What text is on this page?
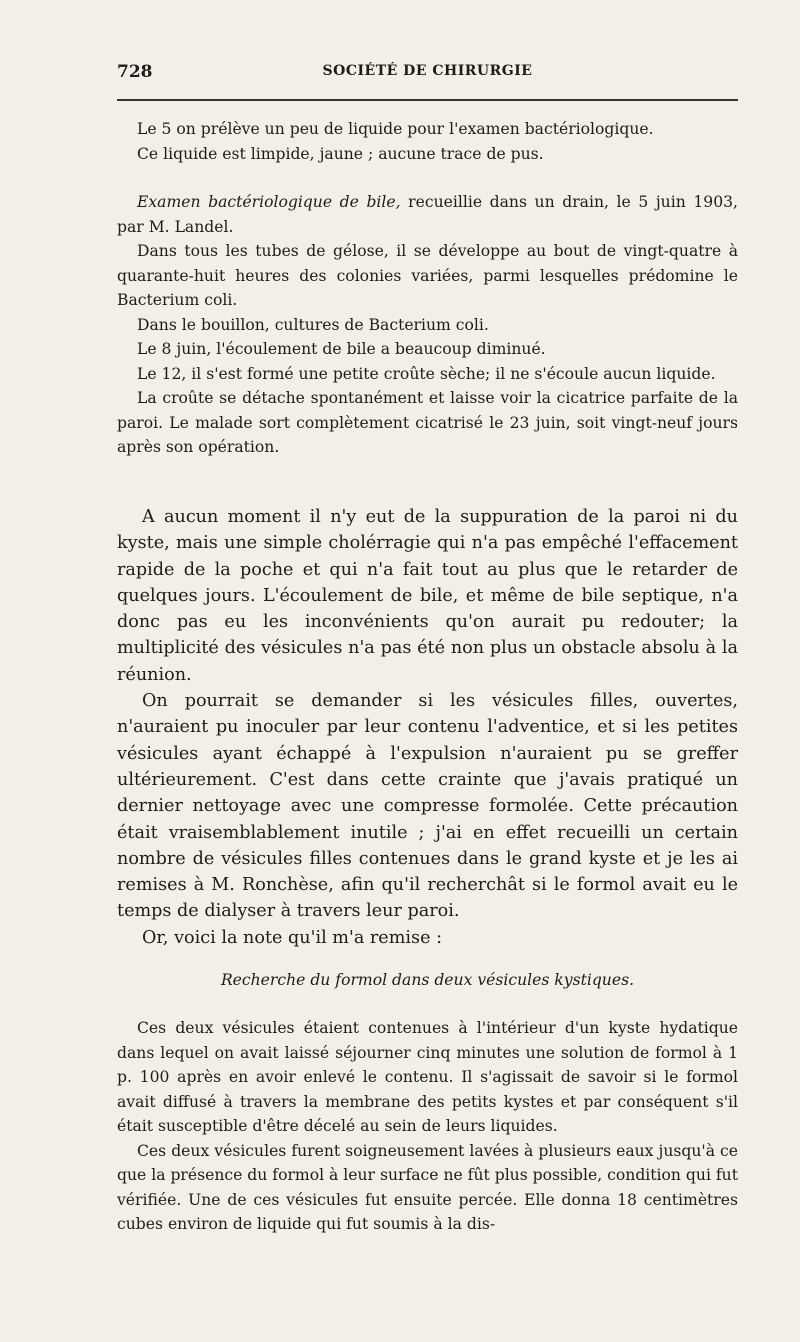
728	SOCIÉTÉ DE CHIRURGIE

Le 5 on prélève un peu de liquide pour l'examen bactériologique.

Ce liquide est limpide, jaune ; aucune trace de pus.

Examen bactériologique de bile, recueillie dans un drain, le 5 juin 1903, par M. Landel.

Dans tous les tubes de gélose, il se développe au bout de vingt-quatre à quarante-huit heures des colonies variées, parmi lesquelles prédomine le Bacterium coli.

Dans le bouillon, cultures de Bacterium coli.

Le 8 juin, l'écoulement de bile a beaucoup diminué.

Le 12, il s'est formé une petite croûte sèche; il ne s'écoule aucun liquide.

La croûte se détache spontanément et laisse voir la cicatrice parfaite de la paroi. Le malade sort complètement cicatrisé le 23 juin, soit vingt-neuf jours après son opération.

A aucun moment il n'y eut de la suppuration de la paroi ni du kyste, mais une simple cholérragie qui n'a pas empêché l'effacement rapide de la poche et qui n'a fait tout au plus que le retarder de quelques jours. L'écoulement de bile, et même de bile septique, n'a donc pas eu les inconvénients qu'on aurait pu redouter; la multiplicité des vésicules n'a pas été non plus un obstacle absolu à la réunion.

On pourrait se demander si les vésicules filles, ouvertes, n'auraient pu inoculer par leur contenu l'adventice, et si les petites vésicules ayant échappé à l'expulsion n'auraient pu se greffer ultérieurement. C'est dans cette crainte que j'avais pratiqué un dernier nettoyage avec une compresse formolée. Cette précaution était vraisemblablement inutile ; j'ai en effet recueilli un certain nombre de vésicules filles contenues dans le grand kyste et je les ai remises à M. Ronchèse, afin qu'il recherchât si le formol avait eu le temps de dialyser à travers leur paroi.

Or, voici la note qu'il m'a remise :

Recherche du formol dans deux vésicules kystiques.

Ces deux vésicules étaient contenues à l'intérieur d'un kyste hydatique dans lequel on avait laissé séjourner cinq minutes une solution de formol à 1 p. 100 après en avoir enlevé le contenu. Il s'agissait de savoir si le formol avait diffusé à travers la membrane des petits kystes et par conséquent s'il était susceptible d'être décelé au sein de leurs liquides.

Ces deux vésicules furent soigneusement lavées à plusieurs eaux jusqu'à ce que la présence du formol à leur surface ne fût plus possible, condition qui fut vérifiée. Une de ces vésicules fut ensuite percée. Elle donna 18 centimètres cubes environ de liquide qui fut soumis à la dis-
